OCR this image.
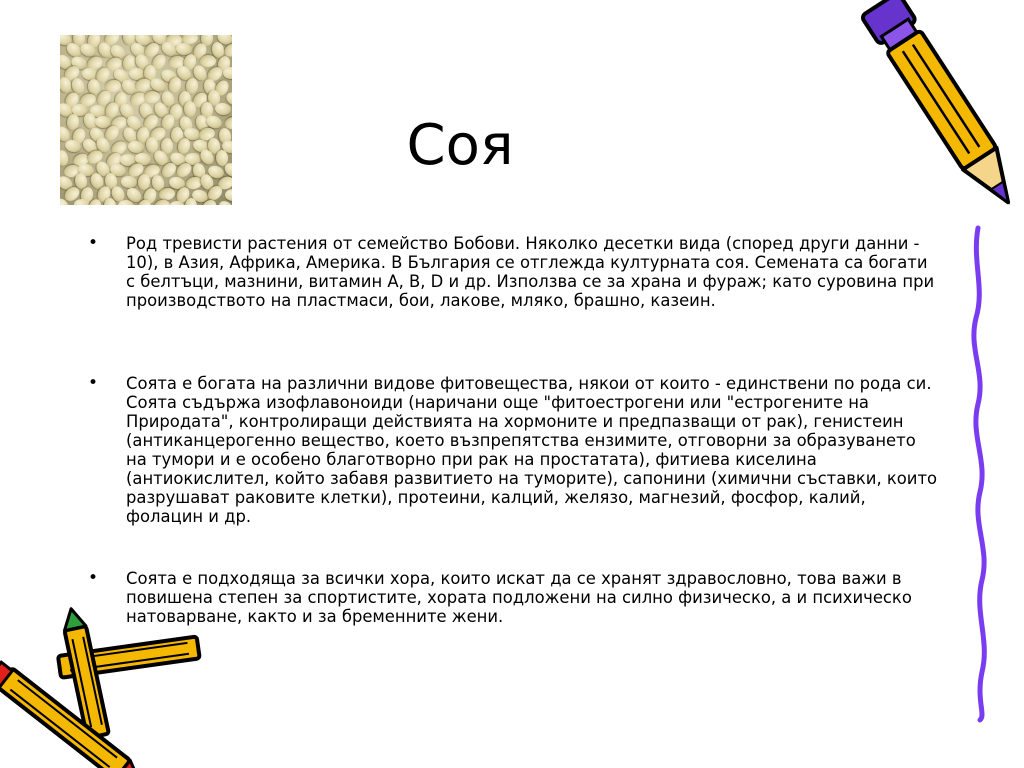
Соя
• Род тревисти растения от семейство Бобови. Няколко десетки вида (според други данни - 10), в Азия, Африка, Америка. В България се отглежда културната соя. Семената са богати с белтъци, мазнини, витамин А, В, D и др. Използва се за храна и фураж; като суровина при производството на пластмаси, бои, лакове, мляко, брашно, казеин.
• Соята е богата на различни видове фитовещества, някои от които - единствени по рода си. Соята съдържа изофлавоноиди (наричани още "фитоестрогени или "естрогените на Природата", контролиращи действията на хормоните и предпазващи от рак), генистеин (антиканцерогенно вещество, което възпрепятства ензимите, отговорни за образуването на тумори и е особено благотворно при рак на простатата), фитиева киселина (антиокислител, който забавя развитието на туморите), сапонини (химични съставки, които разрушават раковите клетки), протеини, калций, желязо, магнезий, фосфор, калий, фолацин и др.
• Соята е подходяща за всички хора, които искат да се хранят здравословно, това важи в повишена степен за спортистите, хората подложени на силно физическо, а и психическо натоварване, както и за бременните жени.
